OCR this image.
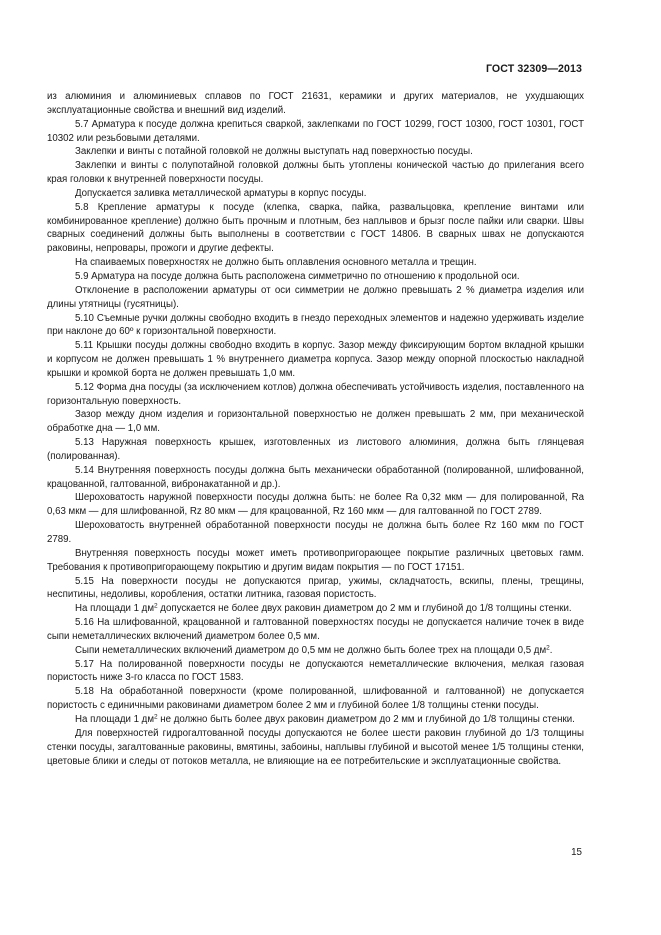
ГОСТ 32309—2013

из алюминия и алюминиевых сплавов по ГОСТ 21631, керамики и других материалов, не ухудшающих эксплуатационные свойства и внешний вид изделий.

5.7 Арматура к посуде должна крепиться сваркой, заклепками по ГОСТ 10299, ГОСТ 10300, ГОСТ 10301, ГОСТ 10302 или резьбовыми деталями.

Заклепки и винты с потайной головкой не должны выступать над поверхностью посуды.

Заклепки и винты с полупотайной головкой должны быть утоплены конической частью до прилегания всего края головки к внутренней поверхности посуды.

Допускается заливка металлической арматуры в корпус посуды.

5.8 Крепление арматуры к посуде (клепка, сварка, пайка, развальцовка, крепление винтами или комбинированное крепление) должно быть прочным и плотным, без наплывов и брызг после пайки или сварки. Швы сварных соединений должны быть выполнены в соответствии с ГОСТ 14806. В сварных швах не допускаются раковины, непровары, прожоги и другие дефекты.

На спаиваемых поверхностях не должно быть оплавления основного металла и трещин.

5.9 Арматура на посуде должна быть расположена симметрично по отношению к продольной оси.

Отклонение в расположении арматуры от оси симметрии не должно превышать 2 % диаметра изделия или длины утятницы (гусятницы).

5.10 Съемные ручки должны свободно входить в гнездо переходных элементов и надежно удерживать изделие при наклоне до 60º к горизонтальной поверхности.

5.11 Крышки посуды должны свободно входить в корпус. Зазор между фиксирующим бортом вкладной крышки и корпусом не должен превышать 1 % внутреннего диаметра корпуса. Зазор между опорной плоскостью накладной крышки и кромкой борта не должен превышать 1,0 мм.

5.12 Форма дна посуды (за исключением котлов) должна обеспечивать устойчивость изделия, поставленного на горизонтальную поверхность.

Зазор между дном изделия и горизонтальной поверхностью не должен превышать 2 мм, при механической обработке дна — 1,0 мм.

5.13 Наружная поверхность крышек, изготовленных из листового алюминия, должна быть глянцевая (полированная).

5.14 Внутренняя поверхность посуды должна быть механически обработанной (полированной, шлифованной, крацованной, галтованной, вибронакатанной и др.).

Шероховатость наружной поверхности посуды должна быть: не более Ra 0,32 мкм — для полированной, Ra 0,63 мкм — для шлифованной, Rz 80 мкм — для крацованной, Rz 160 мкм — для галтованной по ГОСТ 2789.

Шероховатость внутренней обработанной поверхности посуды не должна быть более Rz 160 мкм по ГОСТ 2789.

Внутренняя поверхность посуды может иметь противопригорающее покрытие различных цветовых гамм. Требования к противопригорающему покрытию и другим видам покрытия — по ГОСТ 17151.

5.15 На поверхности посуды не допускаются пригар, ужимы, складчатость, вскипы, плены, трещины, неспитины, недоливы, коробления, остатки литника, газовая пористость.

На площади 1 $дм^2$ допускается не более двух раковин диаметром до 2 мм и глубиной до 1/8 толщины стенки.

5.16 На шлифованной, крацованной и галтованной поверхностях посуды не допускается наличие точек в виде сыпи неметаллических включений диаметром более 0,5 мм.

Сыпи неметаллических включений диаметром до 0,5 мм не должно быть более трех на площади 0,5 $дм^2$.

5.17 На полированной поверхности посуды не допускаются неметаллические включения, мелкая газовая пористость ниже 3-го класса по ГОСТ 1583.

5.18 На обработанной поверхности (кроме полированной, шлифованной и галтованной) не допускается пористость с единичными раковинами диаметром более 2 мм и глубиной более 1/8 толщины стенки посуды.

На площади 1 $дм^2$ не должно быть более двух раковин диаметром до 2 мм и глубиной до 1/8 толщины стенки.

Для поверхностей гидрогалтованной посуды допускаются не более шести раковин глубиной до 1/3 толщины стенки посуды, загалтованные раковины, вмятины, забоины, наплывы глубиной и высотой менее 1/5 толщины стенки, цветовые блики и следы от потоков металла, не влияющие на ее потребительские и эксплуатационные свойства.

15
